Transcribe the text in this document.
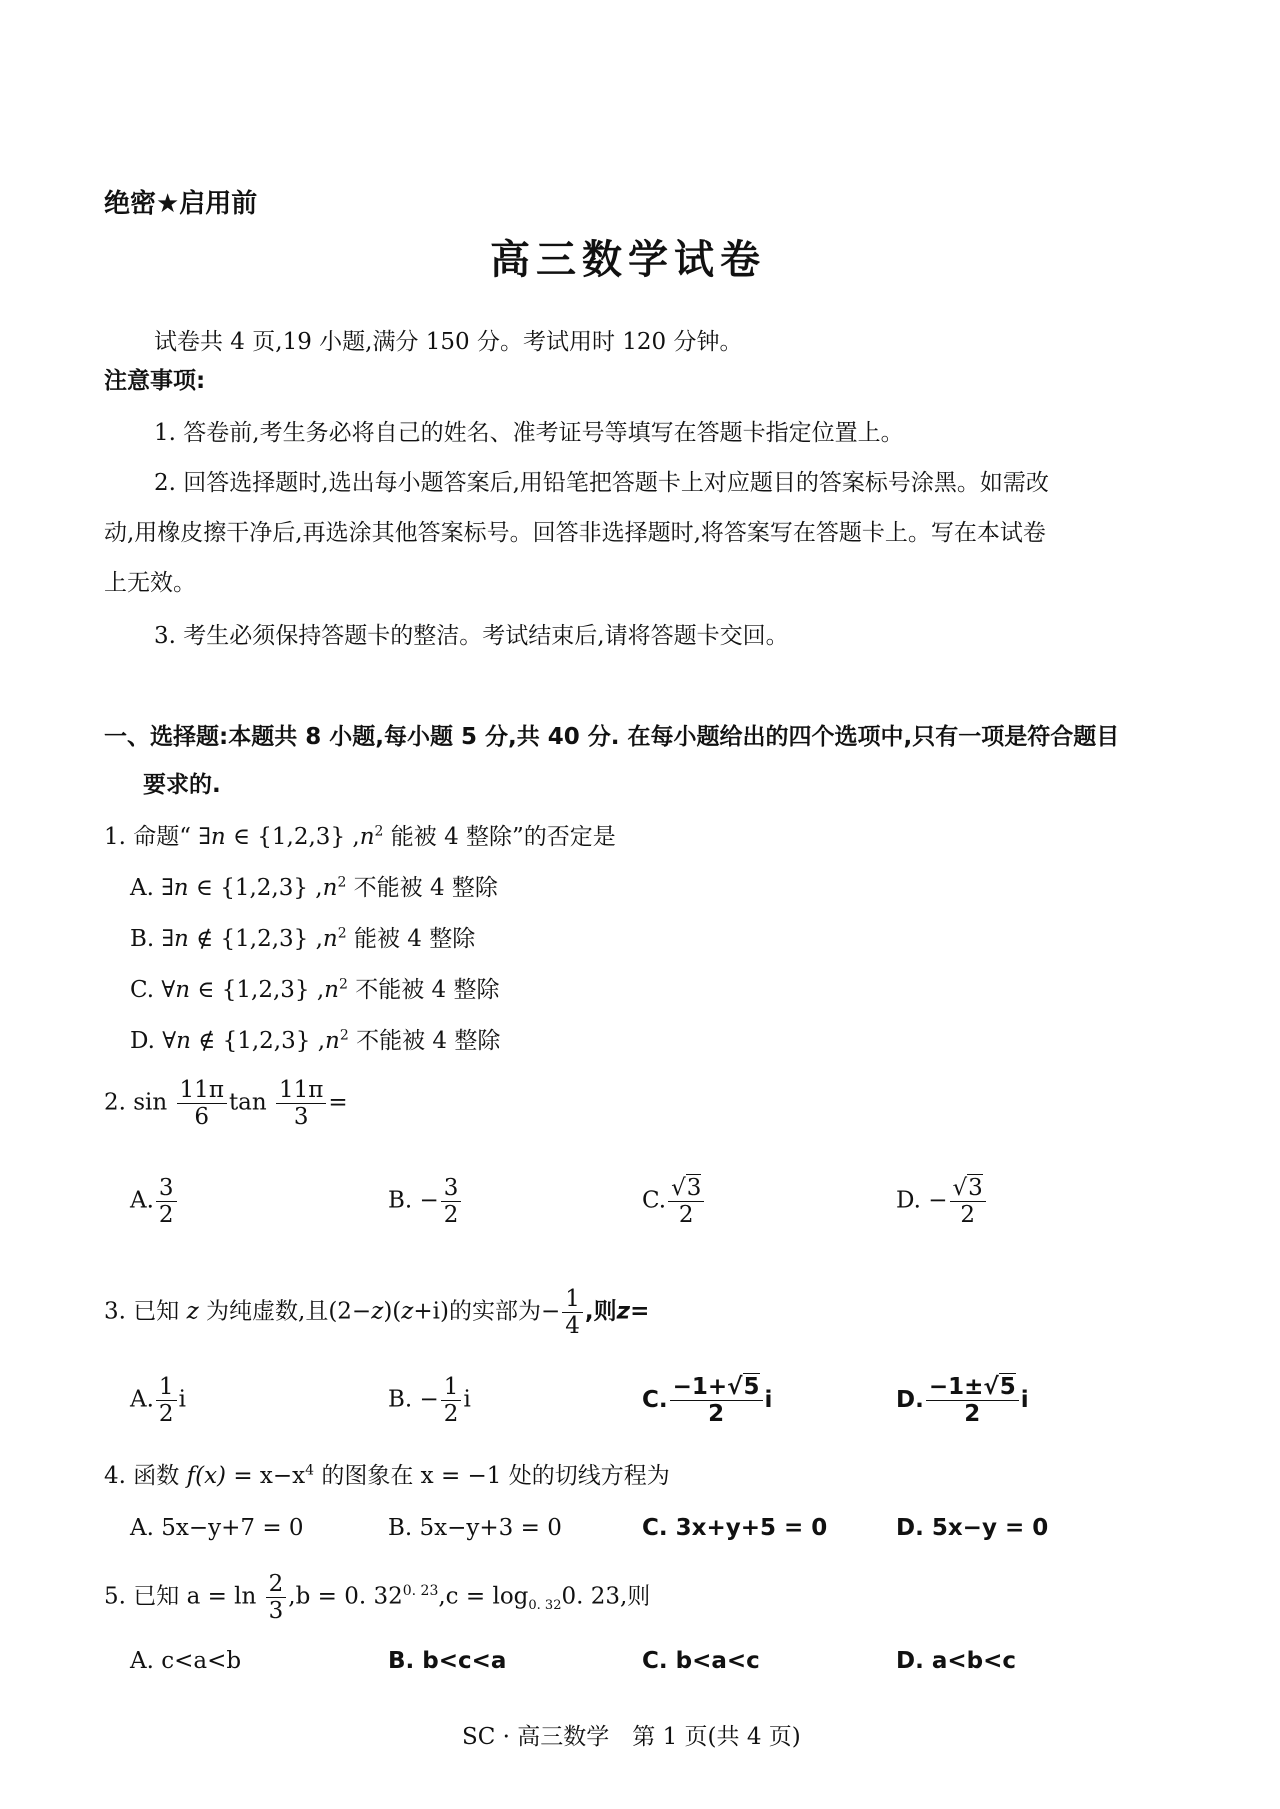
绝密★启用前
高三数学试卷
试卷共 4 页,19 小题,满分 150 分。考试用时 120 分钟。
注意事项:
1. 答卷前,考生务必将自己的姓名、准考证号等填写在答题卡指定位置上。
2. 回答选择题时,选出每小题答案后,用铅笔把答题卡上对应题目的答案标号涂黑。如需改
动,用橡皮擦干净后,再选涂其他答案标号。回答非选择题时,将答案写在答题卡上。写在本试卷
上无效。
3. 考生必须保持答题卡的整洁。考试结束后,请将答题卡交回。
一、选择题:本题共 8 小题,每小题 5 分,共 40 分. 在每小题给出的四个选项中,只有一项是符合题目
要求的.
1. 命题“ ∃n ∈ {1,2,3} $,n^2$ 能被 4 整除”的否定是
A. ∃n ∈ {1,2,3} $,n^2$ 不能被 4 整除
B. ∃n ∉ {1,2,3} $,n^2$ 能被 4 整除
C. ∀n ∈ {1,2,3} $,n^2$ 不能被 4 整除
D. ∀n ∉ {1,2,3} $,n^2$ 不能被 4 整除
2. $\sin \frac{11\pi}{6}$ $\tan \frac{11\pi}{3}$ =
A. $\frac{3}{2}$	B. − $\frac{3}{2}$	C. $\frac{√3}{2}$	D. − $\frac{√3}{2}$
3. 已知 z 为纯虚数,且(2−z)(z+i)的实部为− $\frac{1}{4}$ ,则z=
A. $\frac{1}{2}$ i	B. − $\frac{1}{2}$ i	C. $\frac{-1+√5}{2}$ i	D. $\frac{-1\pm√5}{2}$ i
4. 函数 $f(x) = x-x^4$ 的图象在 x = −1 处的切线方程为
A. 5x−y+7 = 0	B. 5x−y+3 = 0	C. 3x+y+5 = 0	D. 5x−y = 0
5. 已知 $a = \ln \frac{2}{3} ,b = 0$. $32^{0. 23},c = \log_{0. 32}0$. 23,则
A. c<a<b	B. b<c<a	C. b<a<c	D. a<b<c
SC · 高三数学　第 1 页(共 4 页)
